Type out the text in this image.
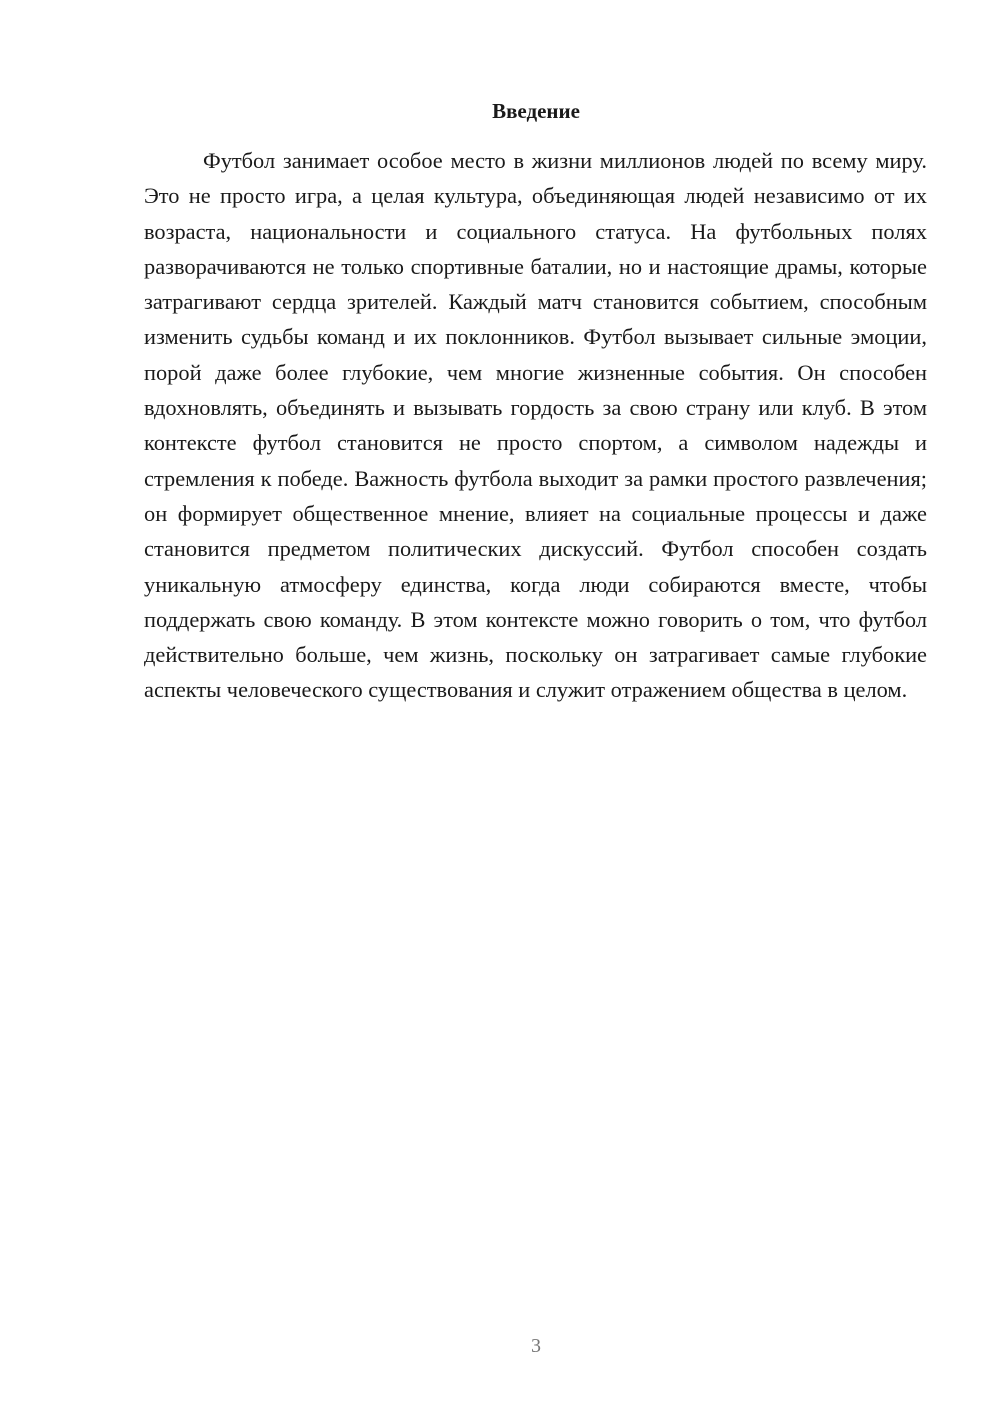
Введение

Футбол занимает особое место в жизни миллионов людей по всему миру. Это не просто игра, а целая культура, объединяющая людей независимо от их возраста, национальности и социального статуса. На футбольных полях разворачиваются не только спортивные баталии, но и настоящие драмы, которые затрагивают сердца зрителей. Каждый матч становится событием, способным изменить судьбы команд и их поклонников. Футбол вызывает сильные эмоции, порой даже более глубокие, чем многие жизненные события. Он способен вдохновлять, объединять и вызывать гордость за свою страну или клуб. В этом контексте футбол становится не просто спортом, а символом надежды и стремления к победе. Важность футбола выходит за рамки простого развлечения; он формирует общественное мнение, влияет на социальные процессы и даже становится предметом политических дискуссий. Футбол способен создать уникальную атмосферу единства, когда люди собираются вместе, чтобы поддержать свою команду. В этом контексте можно говорить о том, что футбол действительно больше, чем жизнь, поскольку он затрагивает самые глубокие аспекты человеческого существования и служит отражением общества в целом.

3
